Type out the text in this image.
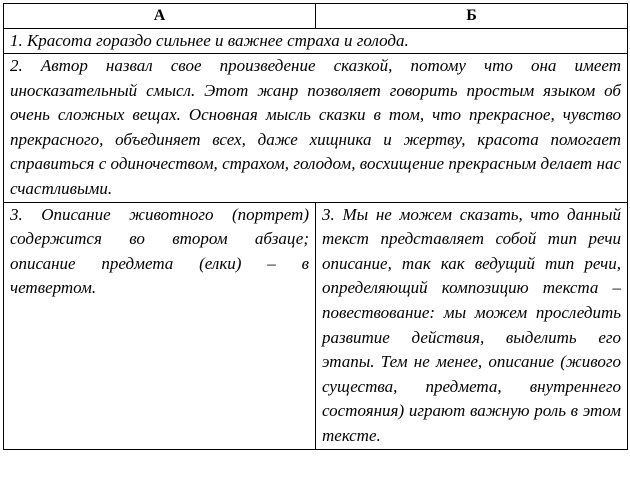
А	Б
1. Красота гораздо сильнее и важнее страха и голода.	
2. Автор назвал свое произведение сказкой, потому что она имеет иносказательный смысл. Этот жанр позволяет говорить простым языком об очень сложных вещах. Основная мысль сказки в том, что прекрасное, чувство прекрасного, объединяет всех, даже хищника и жертву, красота помогает справиться с одиночеством, страхом, голодом, восхищение прекрасным делает нас счастливыми.	
3. Описание животного (портрет) содержится во втором абзаце; описание предмета (елки) – в четвертом.	3. Мы не можем сказать, что данный текст представляет собой тип речи описание, так как ведущий тип речи, определяющий композицию текста – повествование: мы можем проследить развитие действия, выделить его этапы. Тем не менее, описание (живого существа, предмета, внутреннего состояния) играют важную роль в этом тексте.
